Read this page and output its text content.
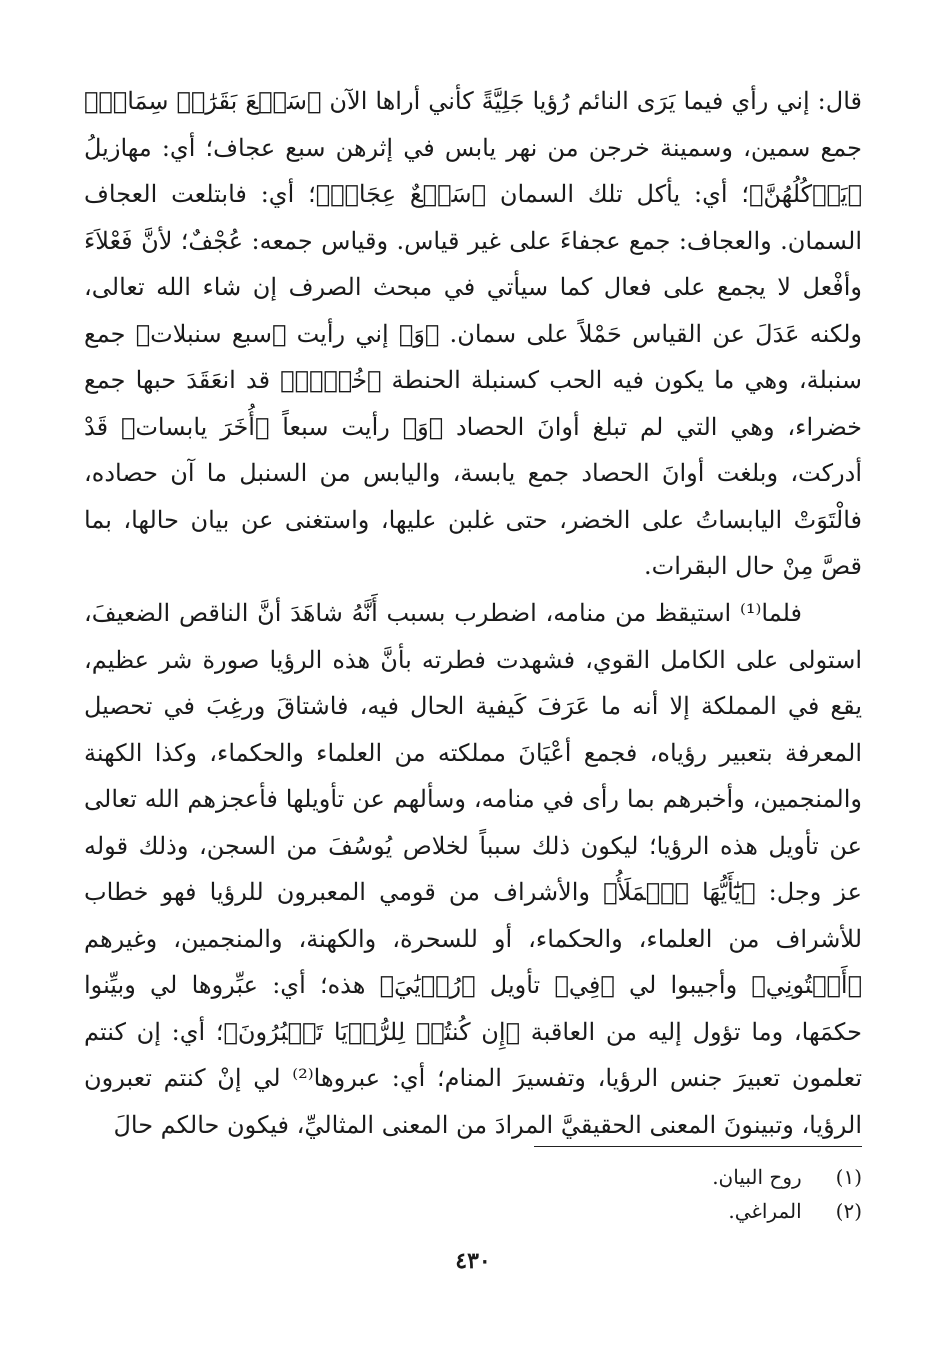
قال: إني رأي فيما يَرَى النائم رُؤيا جَلِيَّةً كأني أراها الآن ﴿سَبۡعَ بَقَرَٰتٖ سِمَانٖ﴾ جمع سمين، وسمينة خرجن من نهر يابس في إثرهن سبع عجاف؛ أي: مهازيلُ ﴿يَأۡكُلُهُنَّ﴾؛ أي: يأكل تلك السمان ﴿سَبۡعٌ عِجَافٞ﴾؛ أي: فابتلعت العجاف السمان. والعجاف: جمع عجفاءَ على غير قياس. وقياس جمعه: عُجْفٌ؛ لأنَّ فَعْلاَءَ وأفْعل لا يجمع على فعال كما سيأتي في مبحث الصرف إن شاء الله تعالى، ولكنه عَدَلَ عن القياس حَمْلاً على سمان. ﴿وَ﴾ إني رأيت ﴿سبع سنبلات﴾ جمع سنبلة، وهي ما يكون فيه الحب كسنبلة الحنطة ﴿خُضۡرٖ﴾ قد انعَقَدَ حبها جمع خضراء، وهي التي لم تبلغ أوانَ الحصاد ﴿وَ﴾ رأيت سبعاً ﴿أُخَرَ يابسات﴾ قَدْ أدركت، وبلغت أوانَ الحصاد جمع يابسة، واليابس من السنبل ما آن حصاده، فالْتَوَتْ اليابساتُ على الخضر، حتى غلبن عليها، واستغنى عن بيان حالها، بما قصَّ مِنْ حال البقرات.

فلما⁽¹⁾ استيقظ من منامه، اضطرب بسبب أَنَّهُ شاهَدَ أنَّ الناقص الضعيفَ، استولى على الكامل القوي، فشهدت فطرته بأنَّ هذه الرؤيا صورة شر عظيم، يقع في المملكة إلا أنه ما عَرَفَ كَيفية الحال فيه، فاشتاقَ ورغِبَ في تحصيل المعرفة بتعبير رؤياه، فجمع أعْيَانَ مملكته من العلماء والحكماء، وكذا الكهنة والمنجمين، وأخبرهم بما رأى في منامه، وسألهم عن تأويلها فأعجزهم الله تعالى عن تأويل هذه الرؤيا؛ ليكون ذلك سبباً لخلاص يُوسُفَ من السجن، وذلك قوله عز وجل: ﴿يَٰٓأَيُّهَا ٱلۡمَلَأُ﴾ والأشراف من قومي المعبرون للرؤيا فهو خطاب للأشراف من العلماء، والحكماء، أو للسحرة، والكهنة، والمنجمين، وغيرهم ﴿أَفۡتُونِي﴾ وأجيبوا لي ﴿فِي﴾ تأويل ﴿رُءۡيَٰيَ﴾ هذه؛ أي: عبِّروها لي وبيِّنوا حكمَها، وما تؤول إليه من العاقبة ﴿إِن كُنتُمۡ لِلرُّءۡيَا تَعۡبُرُونَ﴾؛ أي: إن كنتم تعلمون تعبيرَ جنس الرؤيا، وتفسيرَ المنام؛ أي: عبروها⁽²⁾ لي إنْ كنتم تعبرون الرؤيا، وتبينونَ المعنى الحقيقيَّ المرادَ من المعنى المثاليِّ، فيكون حالكم حالَ

(١) روح البيان.
(٢) المراغي.
٤٣٠
